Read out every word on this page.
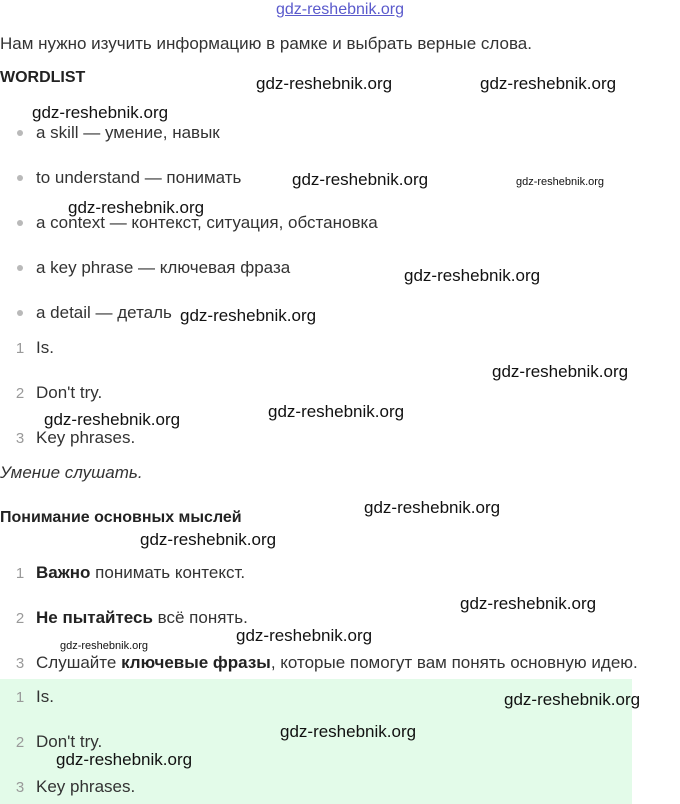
gdz-reshebnik.org
Нам нужно изучить информацию в рамке и выбрать верные слова.
WORDLIST
a skill — умение, навык
to understand — понимать
a context — контекст, ситуация, обстановка
a key phrase — ключевая фраза
a detail — деталь
1 Is.
2 Don't try.
3 Key phrases.
Умение слушать.
Понимание основных мыслей
1 Важно понимать контекст.
2 Не пытайтесь всё понять.
3 Слушайте ключевые фразы, которые помогут вам понять основную идею.
1 Is.
2 Don't try.
3 Key phrases.
gdz-reshebnik.org	gdz-reshebnik.org
gdz-reshebnik.org
gdz-reshebnik.org	gdz-reshebnik.org
gdz-reshebnik.org
gdz-reshebnik.org
gdz-reshebnik.org
gdz-reshebnik.org
gdz-reshebnik.org
gdz-reshebnik.org
gdz-reshebnik.org
gdz-reshebnik.org
gdz-reshebnik.org
gdz-reshebnik.org
gdz-reshebnik.org
gdz-reshebnik.org
gdz-reshebnik.org
gdz-reshebnik.org
